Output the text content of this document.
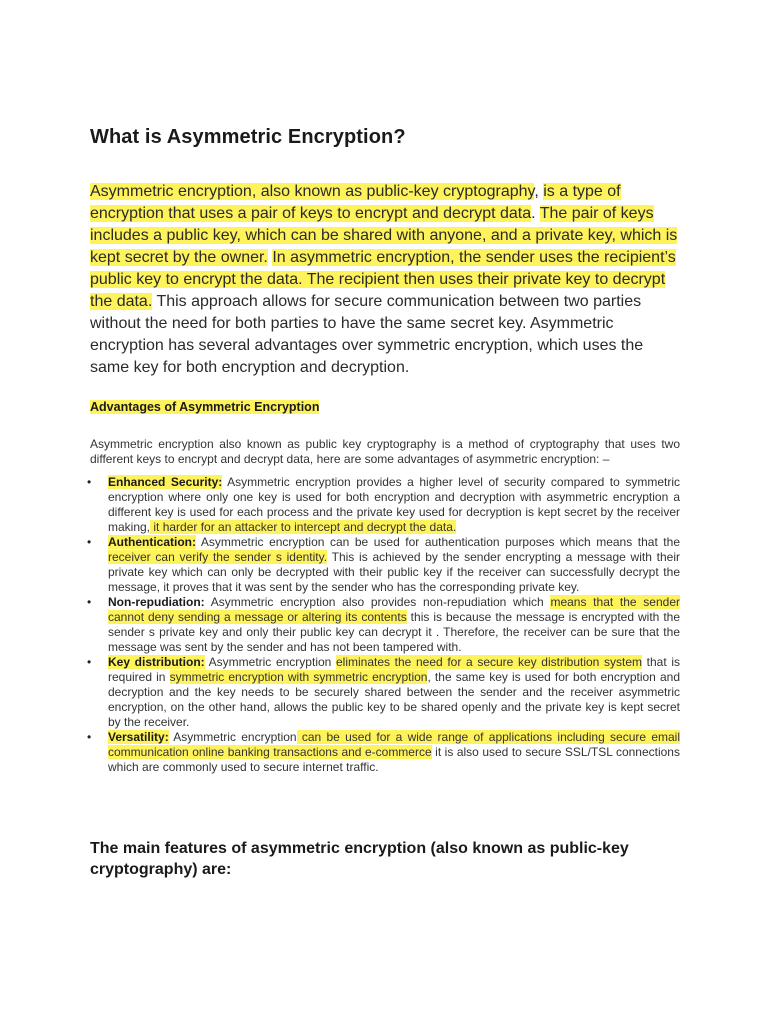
What is Asymmetric Encryption?

Asymmetric encryption, also known as public-key cryptography, is a type of encryption that uses a pair of keys to encrypt and decrypt data. The pair of keys includes a public key, which can be shared with anyone, and a private key, which is kept secret by the owner. In asymmetric encryption, the sender uses the recipient’s public key to encrypt the data. The recipient then uses their private key to decrypt the data. This approach allows for secure communication between two parties without the need for both parties to have the same secret key. Asymmetric encryption has several advantages over symmetric encryption, which uses the same key for both encryption and decryption.

Advantages of Asymmetric Encryption

Asymmetric encryption also known as public key cryptography is a method of cryptography that uses two different keys to encrypt and decrypt data, here are some advantages of asymmetric encryption: –

• Enhanced Security: Asymmetric encryption provides a higher level of security compared to symmetric encryption where only one key is used for both encryption and decryption with asymmetric encryption a different key is used for each process and the private key used for decryption is kept secret by the receiver making, it harder for an attacker to intercept and decrypt the data.
• Authentication: Asymmetric encryption can be used for authentication purposes which means that the receiver can verify the sender s identity. This is achieved by the sender encrypting a message with their private key which can only be decrypted with their public key if the receiver can successfully decrypt the message, it proves that it was sent by the sender who has the corresponding private key.
• Non-repudiation: Asymmetric encryption also provides non-repudiation which means that the sender cannot deny sending a message or altering its contents this is because the message is encrypted with the sender s private key and only their public key can decrypt it . Therefore, the receiver can be sure that the message was sent by the sender and has not been tampered with.
• Key distribution: Asymmetric encryption eliminates the need for a secure key distribution system that is required in symmetric encryption with symmetric encryption, the same key is used for both encryption and decryption and the key needs to be securely shared between the sender and the receiver asymmetric encryption, on the other hand, allows the public key to be shared openly and the private key is kept secret by the receiver.
• Versatility: Asymmetric encryption can be used for a wide range of applications including secure email communication online banking transactions and e-commerce it is also used to secure SSL/TSL connections which are commonly used to secure internet traffic.
The main features of asymmetric encryption (also known as public-key cryptography) are:
